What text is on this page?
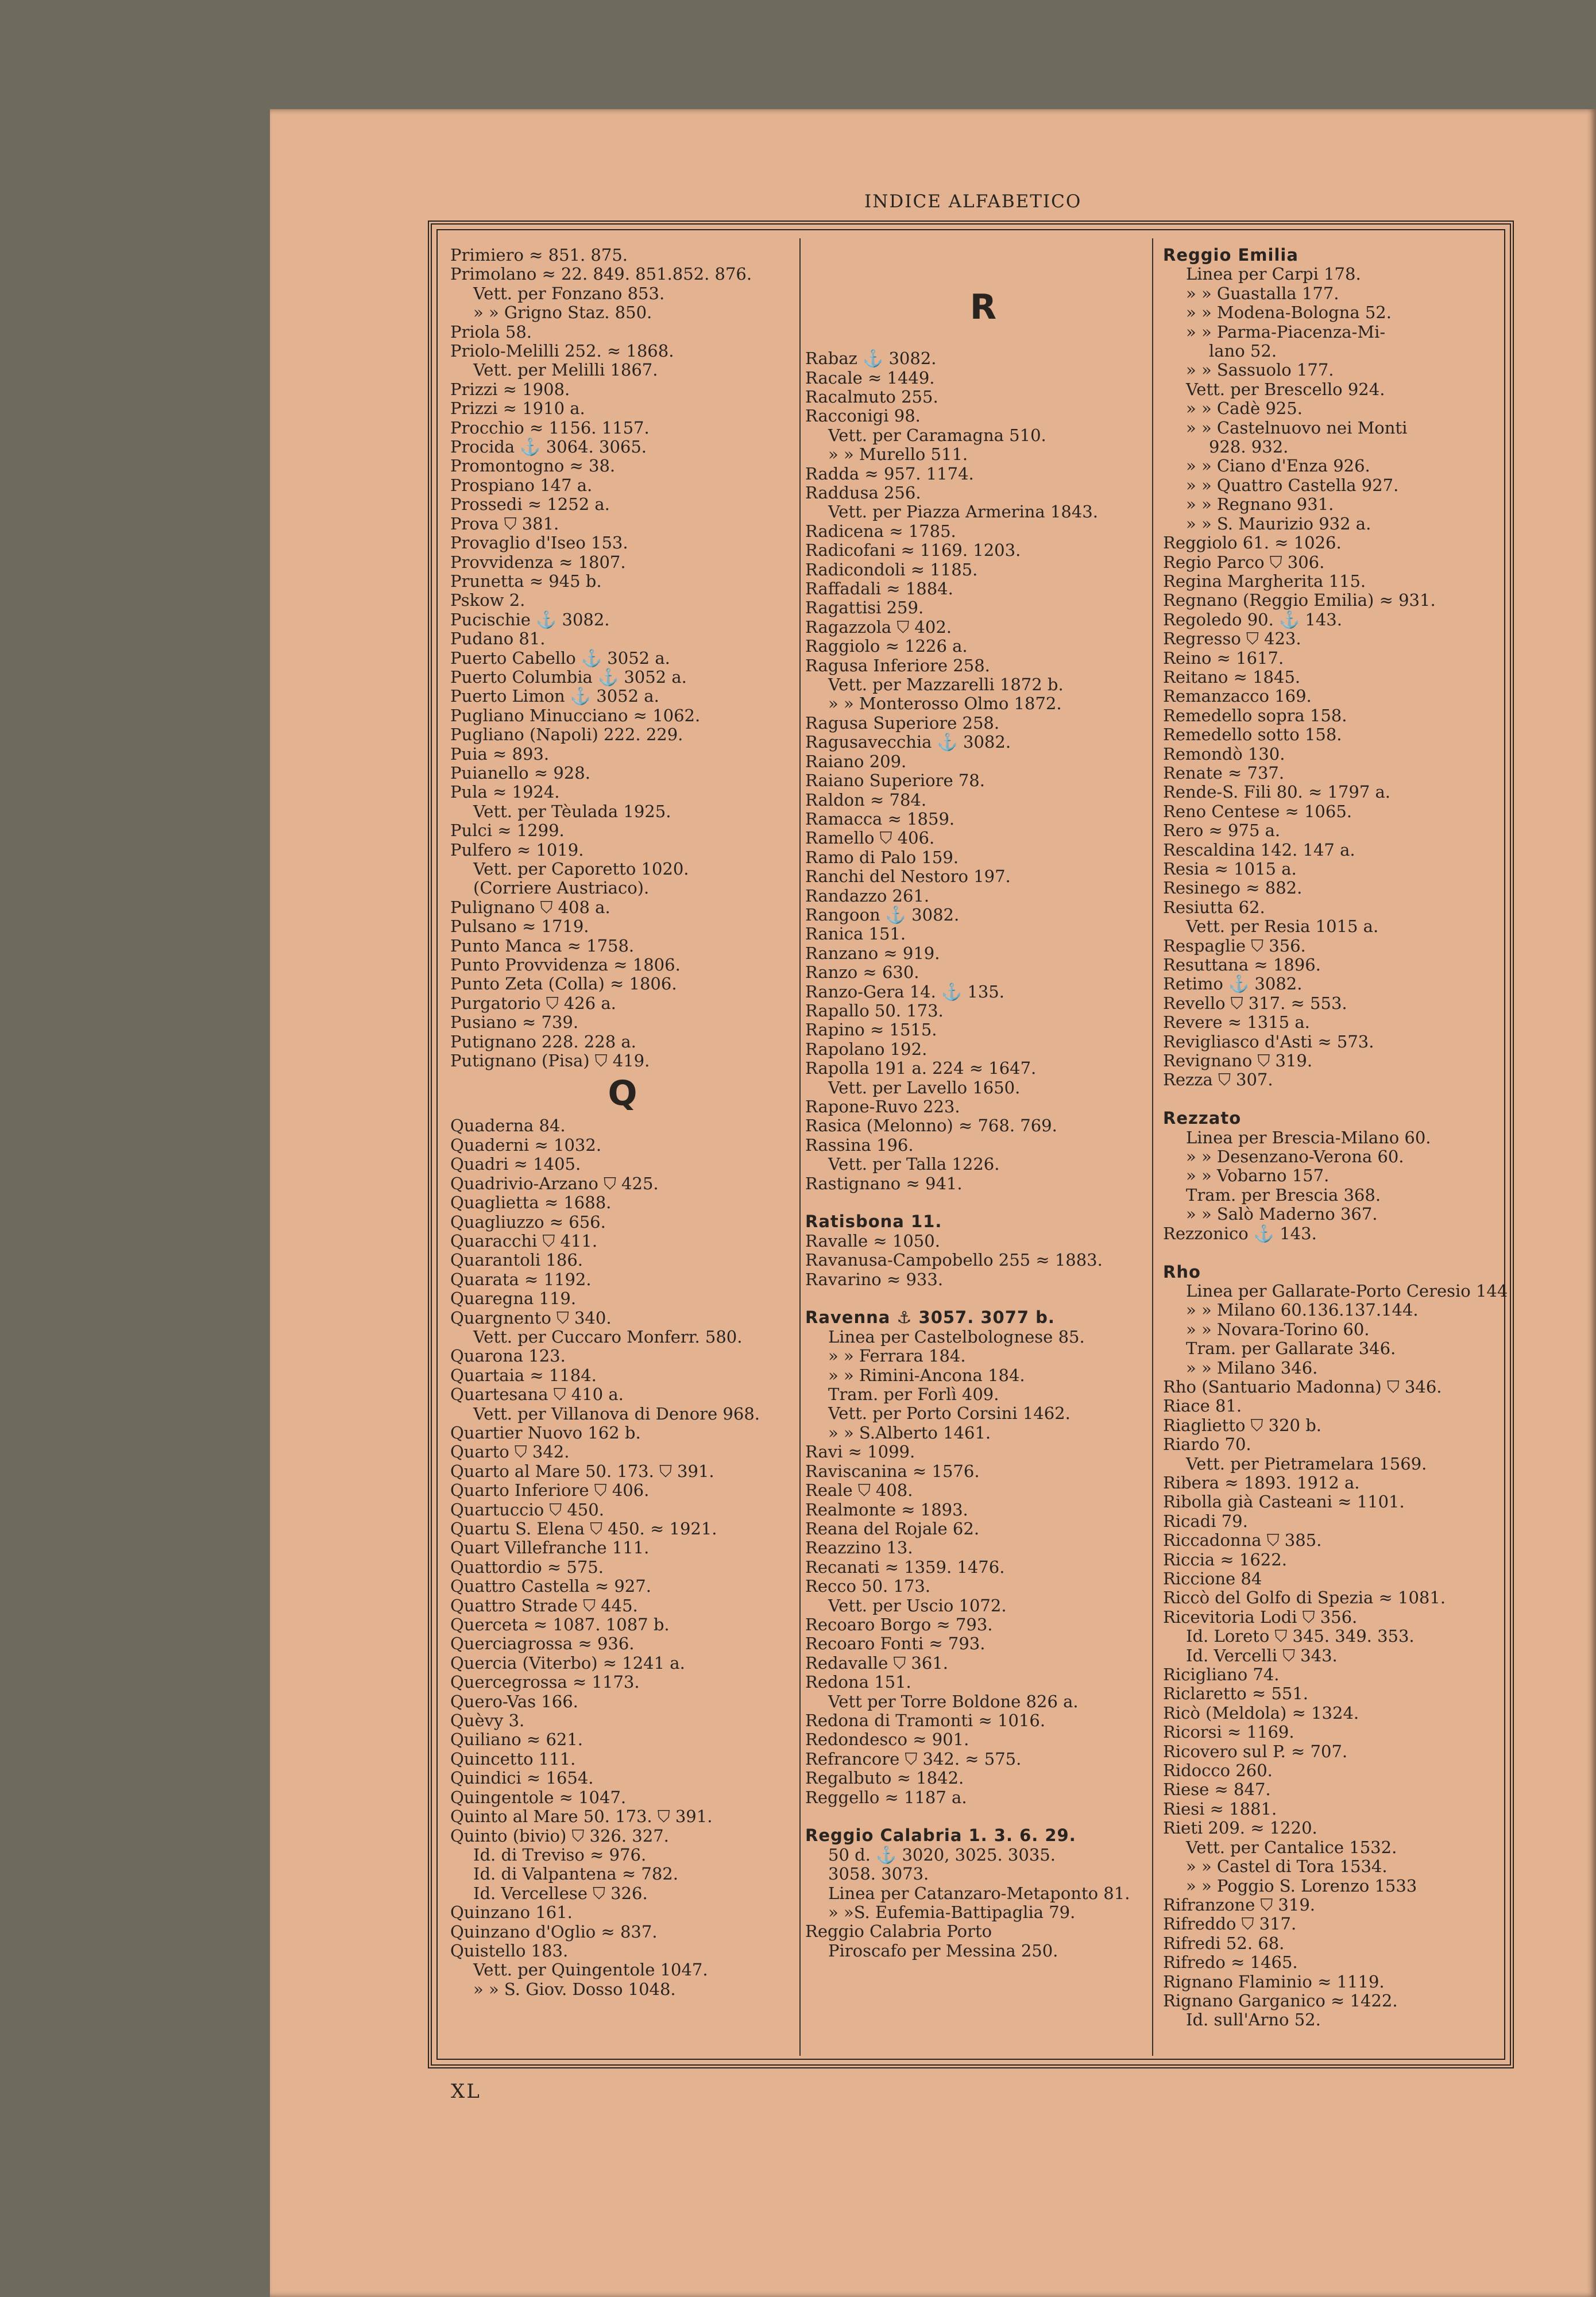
INDICE ALFABETICO
Primiero ≈ 851. 875.
Primolano ≈ 22. 849. 851.852. 876.
Vett. per Fonzano 853.
» » Grigno Staz. 850.
Priola 58.
Priolo-Melilli 252. ≈ 1868.
Vett. per Melilli 1867.
Prizzi ≈ 1908.
Prizzi ≈ 1910 a.
Procchio ≈ 1156. 1157.
Procida ⚓ 3064. 3065.
Promontogno ≈ 38.
Prospiano 147 a.
Prossedi ≈ 1252 a.
Prova ⛉ 381.
Provaglio d'Iseo 153.
Provvidenza ≈ 1807.
Prunetta ≈ 945 b.
Pskow 2.
Pucischie ⚓ 3082.
Pudano 81.
Puerto Cabello ⚓ 3052 a.
Puerto Columbia ⚓ 3052 a.
Puerto Limon ⚓ 3052 a.
Pugliano Minucciano ≈ 1062.
Pugliano (Napoli) 222. 229.
Puia ≈ 893.
Puianello ≈ 928.
Pula ≈ 1924.
Vett. per Tèulada 1925.
Pulci ≈ 1299.
Pulfero ≈ 1019.
Vett. per Caporetto 1020.
(Corriere Austriaco).
Pulignano ⛉ 408 a.
Pulsano ≈ 1719.
Punto Manca ≈ 1758.
Punto Provvidenza ≈ 1806.
Punto Zeta (Colla) ≈ 1806.
Purgatorio ⛉ 426 a.
Pusiano ≈ 739.
Putignano 228. 228 a.
Putignano (Pisa) ⛉ 419.
Q
Quaderna 84.
Quaderni ≈ 1032.
Quadri ≈ 1405.
Quadrivio-Arzano ⛉ 425.
Quaglietta ≈ 1688.
Quagliuzzo ≈ 656.
Quaracchi ⛉ 411.
Quarantoli 186.
Quarata ≈ 1192.
Quaregna 119.
Quargnento ⛉ 340.
Vett. per Cuccaro Monferr. 580.
Quarona 123.
Quartaia ≈ 1184.
Quartesana ⛉ 410 a.
Vett. per Villanova di Denore 968.
Quartier Nuovo 162 b.
Quarto ⛉ 342.
Quarto al Mare 50. 173. ⛉ 391.
Quarto Inferiore ⛉ 406.
Quartuccio ⛉ 450.
Quartu S. Elena ⛉ 450. ≈ 1921.
Quart Villefranche 111.
Quattordio ≈ 575.
Quattro Castella ≈ 927.
Quattro Strade ⛉ 445.
Querceta ≈ 1087. 1087 b.
Querciagrossa ≈ 936.
Quercia (Viterbo) ≈ 1241 a.
Quercegrossa ≈ 1173.
Quero-Vas 166.
Quèvy 3.
Quiliano ≈ 621.
Quincetto 111.
Quindici ≈ 1654.
Quingentole ≈ 1047.
Quinto al Mare 50. 173. ⛉ 391.
Quinto (bivio) ⛉ 326. 327.
Id. di Treviso ≈ 976.
Id. di Valpantena ≈ 782.
Id. Vercellese ⛉ 326.
Quinzano 161.
Quinzano d'Oglio ≈ 837.
Quistello 183.
Vett. per Quingentole 1047.
» » S. Giov. Dosso 1048.
R
Rabaz ⚓ 3082.
Racale ≈ 1449.
Racalmuto 255.
Racconigi 98.
Vett. per Caramagna 510.
» » Murello 511.
Radda ≈ 957. 1174.
Raddusa 256.
Vett. per Piazza Armerina 1843.
Radicena ≈ 1785.
Radicofani ≈ 1169. 1203.
Radicondoli ≈ 1185.
Raffadali ≈ 1884.
Ragattisi 259.
Ragazzola ⛉ 402.
Raggiolo ≈ 1226 a.
Ragusa Inferiore 258.
Vett. per Mazzarelli 1872 b.
» » Monterosso Olmo 1872.
Ragusa Superiore 258.
Ragusavecchia ⚓ 3082.
Raiano 209.
Raiano Superiore 78.
Raldon ≈ 784.
Ramacca ≈ 1859.
Ramello ⛉ 406.
Ramo di Palo 159.
Ranchi del Nestoro 197.
Randazzo 261.
Rangoon ⚓ 3082.
Ranica 151.
Ranzano ≈ 919.
Ranzo ≈ 630.
Ranzo-Gera 14. ⚓ 135.
Rapallo 50. 173.
Rapino ≈ 1515.
Rapolano 192.
Rapolla 191 a. 224 ≈ 1647.
Vett. per Lavello 1650.
Rapone-Ruvo 223.
Rasica (Melonno) ≈ 768. 769.
Rassina 196.
Vett. per Talla 1226.
Rastignano ≈ 941.
Ratisbona 11.
Ravalle ≈ 1050.
Ravanusa-Campobello 255 ≈ 1883.
Ravarino ≈ 933.
Ravenna ⚓ 3057. 3077 b.
Linea per Castelbolognese 85.
» » Ferrara 184.
» » Rimini-Ancona 184.
Tram. per Forlì 409.
Vett. per Porto Corsini 1462.
» » S.Alberto 1461.
Ravi ≈ 1099.
Raviscanina ≈ 1576.
Reale ⛉ 408.
Realmonte ≈ 1893.
Reana del Rojale 62.
Reazzino 13.
Recanati ≈ 1359. 1476.
Recco 50. 173.
Vett. per Uscio 1072.
Recoaro Borgo ≈ 793.
Recoaro Fonti ≈ 793.
Redavalle ⛉ 361.
Redona 151.
Vett per Torre Boldone 826 a.
Redona di Tramonti ≈ 1016.
Redondesco ≈ 901.
Refrancore ⛉ 342. ≈ 575.
Regalbuto ≈ 1842.
Reggello ≈ 1187 a.
Reggio Calabria 1. 3. 6. 29.
50 d. ⚓ 3020, 3025. 3035.
3058. 3073.
Linea per Catanzaro-Metaponto 81.
» »S. Eufemia-Battipaglia 79.
Reggio Calabria Porto
Piroscafo per Messina 250.
Reggio Emilia
Linea per Carpi 178.
» » Guastalla 177.
» » Modena-Bologna 52.
» » Parma-Piacenza-Mi-
lano 52.
» » Sassuolo 177.
Vett. per Brescello 924.
» » Cadè 925.
» » Castelnuovo nei Monti
928. 932.
» » Ciano d'Enza 926.
» » Quattro Castella 927.
» » Regnano 931.
» » S. Maurizio 932 a.
Reggiolo 61. ≈ 1026.
Regio Parco ⛉ 306.
Regina Margherita 115.
Regnano (Reggio Emilia) ≈ 931.
Regoledo 90. ⚓ 143.
Regresso ⛉ 423.
Reino ≈ 1617.
Reitano ≈ 1845.
Remanzacco 169.
Remedello sopra 158.
Remedello sotto 158.
Remondò 130.
Renate ≈ 737.
Rende-S. Fili 80. ≈ 1797 a.
Reno Centese ≈ 1065.
Rero ≈ 975 a.
Rescaldina 142. 147 a.
Resia ≈ 1015 a.
Resinego ≈ 882.
Resiutta 62.
Vett. per Resia 1015 a.
Respaglie ⛉ 356.
Resuttana ≈ 1896.
Retimo ⚓ 3082.
Revello ⛉ 317. ≈ 553.
Revere ≈ 1315 a.
Revigliasco d'Asti ≈ 573.
Revignano ⛉ 319.
Rezza ⛉ 307.
Rezzato
Linea per Brescia-Milano 60.
» » Desenzano-Verona 60.
» » Vobarno 157.
Tram. per Brescia 368.
» » Salò Maderno 367.
Rezzonico ⚓ 143.
Rho
Linea per Gallarate-Porto Ceresio 144
» » Milano 60.136.137.144.
» » Novara-Torino 60.
Tram. per Gallarate 346.
» » Milano 346.
Rho (Santuario Madonna) ⛉ 346.
Riace 81.
Riaglietto ⛉ 320 b.
Riardo 70.
Vett. per Pietramelara 1569.
Ribera ≈ 1893. 1912 a.
Ribolla già Casteani ≈ 1101.
Ricadi 79.
Riccadonna ⛉ 385.
Riccia ≈ 1622.
Riccione 84
Riccò del Golfo di Spezia ≈ 1081.
Ricevitoria Lodi ⛉ 356.
Id. Loreto ⛉ 345. 349. 353.
Id. Vercelli ⛉ 343.
Ricigliano 74.
Riclaretto ≈ 551.
Ricò (Meldola) ≈ 1324.
Ricorsi ≈ 1169.
Ricovero sul P. ≈ 707.
Ridocco 260.
Riese ≈ 847.
Riesi ≈ 1881.
Rieti 209. ≈ 1220.
Vett. per Cantalice 1532.
» » Castel di Tora 1534.
» » Poggio S. Lorenzo 1533
Rifranzone ⛉ 319.
Rifreddo ⛉ 317.
Rifredi 52. 68.
Rifredo ≈ 1465.
Rignano Flaminio ≈ 1119.
Rignano Garganico ≈ 1422.
Id. sull'Arno 52.
XL
